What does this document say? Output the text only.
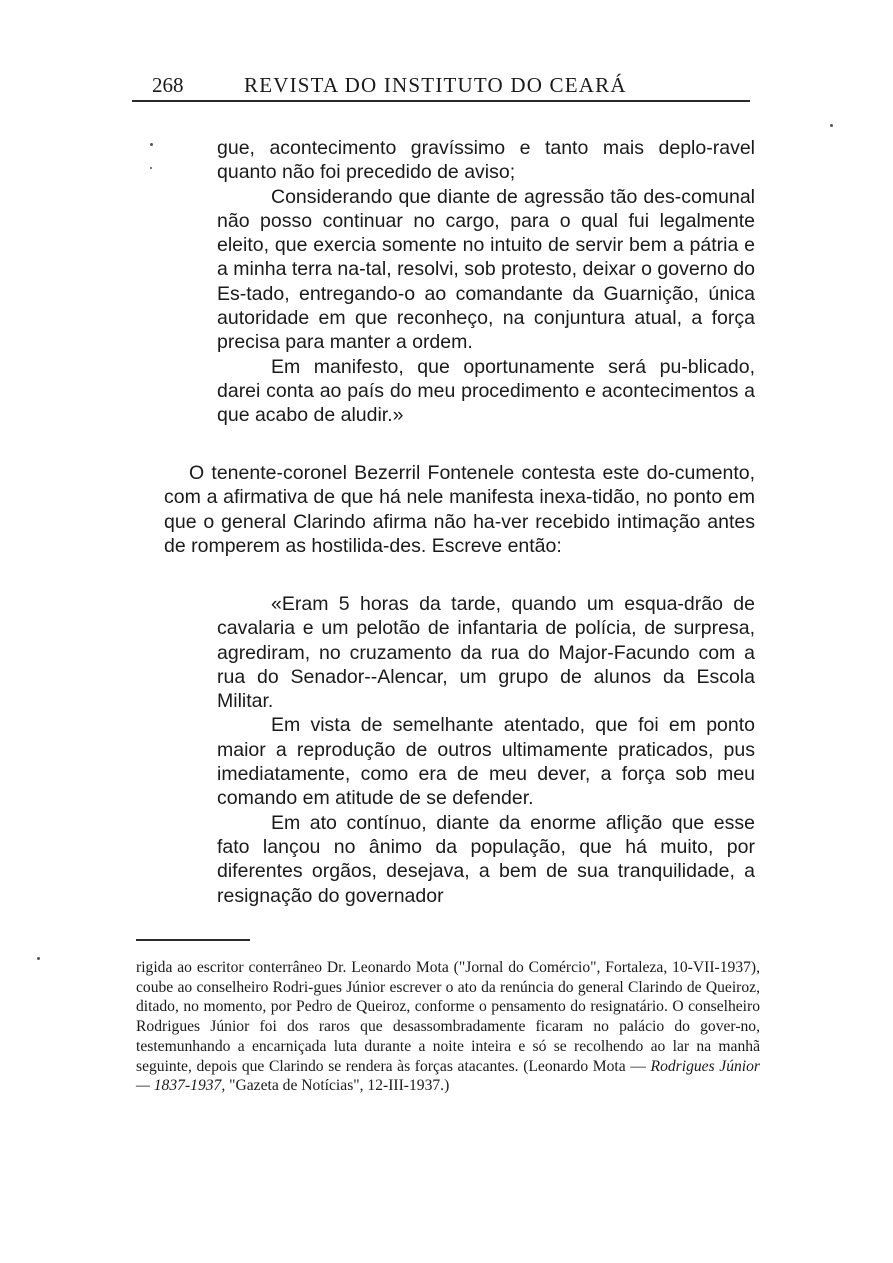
268	REVISTA DO INSTITUTO DO CEARÁ

gue, acontecimento gravíssimo e tanto mais deplo-ravel quanto não foi precedido de aviso;

Considerando que diante de agressão tão des-comunal não posso continuar no cargo, para o qual fui legalmente eleito, que exercia somente no intuito de servir bem a pátria e a minha terra na-tal, resolvi, sob protesto, deixar o governo do Es-tado, entregando-o ao comandante da Guarnição, única autoridade em que reconheço, na conjuntura atual, a força precisa para manter a ordem.

Em manifesto, que oportunamente será pu-blicado, darei conta ao país do meu procedimento e acontecimentos a que acabo de aludir.»

O tenente-coronel Bezerril Fontenele contesta este do-cumento, com a afirmativa de que há nele manifesta inexa-tidão, no ponto em que o general Clarindo afirma não ha-ver recebido intimação antes de romperem as hostilida-des. Escreve então:

«Eram 5 horas da tarde, quando um esqua-drão de cavalaria e um pelotão de infantaria de polícia, de surpresa, agrediram, no cruzamento da rua do Major-Facundo com a rua do Senador--Alencar, um grupo de alunos da Escola Militar.

Em vista de semelhante atentado, que foi em ponto maior a reprodução de outros ultimamente praticados, pus imediatamente, como era de meu dever, a força sob meu comando em atitude de se defender.

Em ato contínuo, diante da enorme aflição que esse fato lançou no ânimo da população, que há muito, por diferentes orgãos, desejava, a bem de sua tranquilidade, a resignação do governador

rigida ao escritor conterrâneo Dr. Leonardo Mota ("Jornal do Comércio", Fortaleza, 10-VII-1937), coube ao conselheiro Rodri-gues Júnior escrever o ato da renúncia do general Clarindo de Queiroz, ditado, no momento, por Pedro de Queiroz, conforme o pensamento do resignatário. O conselheiro Rodrigues Júnior foi dos raros que desassombradamente ficaram no palácio do gover-no, testemunhando a encarniçada luta durante a noite inteira e só se recolhendo ao lar na manhã seguinte, depois que Clarindo se rendera às forças atacantes. (Leonardo Mota — Rodrigues Júnior — 1837-1937, "Gazeta de Notícias", 12-III-1937.)
